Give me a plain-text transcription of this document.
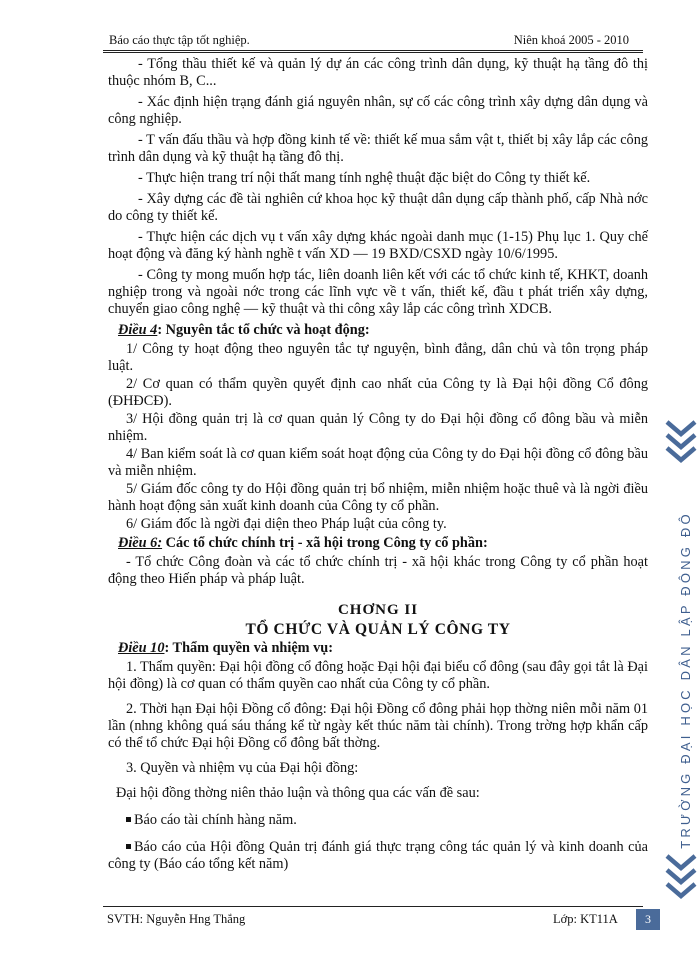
Báo cáo thực tập tốt nghiệp.	Niên khoá 2005 - 2010

- Tổng thầu thiết kế và quản lý dự án các công trình dân dụng, kỹ thuật hạ tầng đô thị thuộc nhóm B, C...

- Xác định hiện trạng đánh giá nguyên nhân, sự cố các công trình xây dựng dân dụng và công nghiệp.

- T vấn đấu thầu và hợp đồng kinh tế về: thiết kế mua sắm vật t, thiết bị xây lắp các công trình dân dụng và kỹ thuật hạ tầng đô thị.

- Thực hiện trang trí nội thất mang tính nghệ thuật đặc biệt do Công ty thiết kế.

- Xây dựng các đề tài nghiên cứ khoa học kỹ thuật dân dụng cấp thành phố, cấp Nhà nớc do công ty thiết kế.

- Thực hiện các dịch vụ t vấn xây dựng khác ngoài danh mục (1-15) Phụ lục 1. Quy chế hoạt động và đăng ký hành nghề t vấn XD — 19 BXD/CSXD ngày 10/6/1995.

- Công ty mong muốn hợp tác, liên doanh liên kết với các tổ chức kinh tế, KHKT, doanh nghiệp trong và ngoài nớc trong các lĩnh vực về t vấn, thiết kế, đầu t phát triển xây dựng, chuyển giao công nghệ — kỹ thuật và thi công xây lắp các công trình XDCB.

Điều 4: Nguyên tắc tổ chức và hoạt động:

1/ Công ty hoạt động theo nguyên tắc tự nguyện, bình đẳng, dân chủ và tôn trọng pháp luật.

2/ Cơ quan có thẩm quyền quyết định cao nhất của Công ty là Đại hội đồng Cổ đông (ĐHĐCĐ).

3/ Hội đồng quản trị là cơ quan quản lý Công ty do Đại hội đồng cổ đông bầu và miễn nhiệm.

4/ Ban kiểm soát là cơ quan kiểm soát hoạt động của Công ty do Đại hội đồng cổ đông bầu và miễn nhiệm.

5/ Giám đốc công ty do Hội đồng quản trị bổ nhiệm, miễn nhiệm hoặc thuê và là ngời điều hành hoạt động sản xuất kinh doanh của Công ty cổ phần.

6/ Giám đốc là ngời đại diện theo Pháp luật của công ty.

Điều 6: Các tổ chức chính trị - xã hội trong Công ty cổ phần:

- Tổ chức Công đoàn và các tổ chức chính trị - xã hội khác trong Công ty cổ phần hoạt động theo Hiến pháp và pháp luật.

CHƠNG II

TỔ CHỨC VÀ QUẢN LÝ CÔNG TY

Điều 10: Thẩm quyền và nhiệm vụ:

1. Thẩm quyền: Đại hội đồng cổ đông hoặc Đại hội đại biểu cổ đông (sau đây gọi tắt là Đại hội đồng) là cơ quan có thẩm quyền cao nhất của Công ty cổ phần.

2. Thời hạn Đại hội Đồng cổ đông: Đại hội Đồng cổ đông phải họp thờng niên mỗi năm 01 lần (nhng không quá sáu tháng kể từ ngày kết thúc năm tài chính). Trong trờng hợp khẩn cấp có thể tổ chức Đại hội Đồng cổ đông bất thờng.

3. Quyền và nhiệm vụ của Đại hội đồng:

Đại hội đồng thờng niên thảo luận và thông qua các vấn đề sau:

Báo cáo tài chính hàng năm.

Báo cáo của Hội đồng Quản trị đánh giá thực trạng công tác quản lý và kinh doanh của công ty (Báo cáo tổng kết năm)

TRƯỜNG ĐẠI HỌC DÂN LẬP ĐÔNG ĐÔ
SVTH: Nguyễn Hng Thắng	Lớp: KT11A	3
